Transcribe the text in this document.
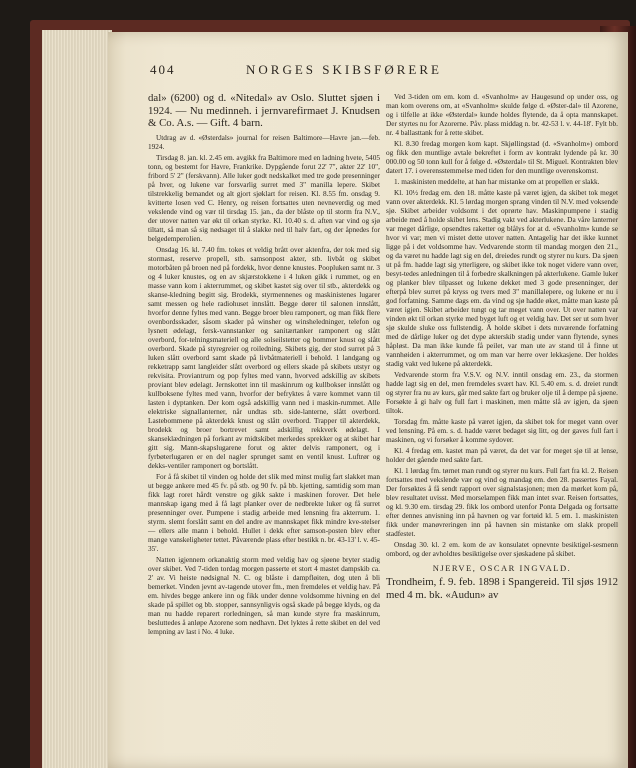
404	NORGES SKIBSFØRERE

dal» (6200) og d. «Nitedal» av Oslo. Sluttet sjøen i 1924. — Nu medinneh. i jernvarefirmaet J. Knudsen & Co. A.s. — Gift. 4 barn.

Utdrag av d. «Østerdals» journal for reisen Baltimore—Havre jan.—feb. 1924.

Tirsdag 8. jan. kl. 2.45 em. avgikk fra Baltimore med en ladning hvete, 5405 tonn, og bestemt for Havre, Frankrike. Dypgående forut 22' 7", akter 22' 10", fribord 5' 2" (ferskvann). Alle luker godt nedskalket med tre gode presenninger på hver, og lukene var forsvarlig surret med 3" manilla lepere. Skibet tilstrekkelig bemandet og alt gjort sjøklart for reisen. Kl. 8.55 fm. onsdag 9. kvitterte losen ved C. Henry, og reisen fortsattes uten nevneverdig og med vekslende vind og vær til tirsdag 15. jan., da der blåste op til storm fra N.V., der utover natten var økt til orkan styrke. Kl. 10.40 s. d. aften var vind og sjø tiltatt, så man så sig nødsaget til å slakke ned til halv fart, og der åpnedes for belgedemperolien.

Onsdag 16. kl. 7.40 fm. tokes et veldig brått over aktenfra, der tok med sig stormast, reserve propell, stb. samsonpost akter, stb. livbåt og skibet motorbåten på broen ned på fordekk, hvor denne knustes. Poopluken samt nr. 3 og 4 luker knustes, og en av skjærstokkene i 4 luken gikk i rummet, og en masse vann kom i akterrummet, og skibet kastet sig over til stb., akterdekk og skanse-kledning begitt sig. Brodekk, styrmennenes og maskinistenes lugarer samt messen og hele radiohuset innslått. Begge dører til salonen innslått, hvorfor denne fyltes med vann. Begge broer bleu ramponert, og man fikk flere ovenbordsskader, såsom skader på winsher og winsheledninger, telefon og lysnett ødelagt, fersk-vannstanker og sanitærtanker ramponert og slått overbord, for-telningsmateriell og alle solseilstetter og bommer knust og slått overbord. Skade på styregreier og roiledning. Skibets gig, der stod surret på 3 luken slått overbord samt skade på livbåtmateriell i behold. 1 landgang og rekketrapp samt langleider slått overbord og ellers skade på skibets utstyr og rekvisita. Proviantrum og pop fyltes med vann, hvorved adskillig av skibets proviant blev ødelagt. Jernskottet inn til maskinrum og kullbokser innslått og kullboksene fyltes med vann, hvorfor der befryktes å være kommet vann til lasten i dyptanken. Der kom også adskillig vann ned i maskin-rummet. Alle elektriske signallanterner, når undtas stb. side-lanterne, slått overbord. Lastebommene på akterdekk knust og slått overbord. Trapper til akterdekk, brodekk og broer bortrevet samt adskillig rekkverk ødelagt. I skanseklædningen på forkant av midtskibet merkedes sprekker og at skibet har gitt sig. Mann-skapslugarene forut og akter delvis ramponert, og i fyrbøterlugaren er en del nagler sprunget samt en ventil knust. Luftrør og dekks-ventiler ramponert og bortslått.

For å få skibet til vinden og holde det slik med minst mulig fart slakket man ut begge ankere med 45 fv. på stb. og 90 fv. på bb. kjetting, samtidig som man fikk lagt roret hårdt venstre og gikk sakte i maskinen forover. Det hele mannskap igang med å få lagt planker over de nedbrekte luker og få surret presenninger over. Pumpene i stadig arbeide med lensning fra akterrum. 1. styrm. slemt forslått samt en del andre av mannskapet fikk mindre kve-stelser — ellers alle mann i behold. Hullet i dekk efter samson-posten blev efter mange vanskeligheter tettet. Påværende plass efter bestikk n. br. 43-13' l. v. 45-35'.

Natten igjennem orkanaktig storm med veldig hav og sjøene bryter stadig over skibet. Ved 7-tiden tordag morgen passerte et stort 4 mastet dampskib ca. 2' av. Vi heiste nødsignal N. C. og blåste i dampfløiten, dog uten å bli bemerket. Vinden jevnt av-tagende utover fm., men fremdeles et veldig hav. På em. hivdes begge ankere inn og fikk under denne voldsomme hivning en del skade på spillet og bb. stopper, sannsynligvis også skade på begge klyds, og da man nu hadde reparert rorledningen, så man kunde styre fra maskinrum, besluttedes å anløpe Azorene som nødhavn. Det lyktes å rette skibet en del ved lempning av last i No. 4 luke.

Ved 3-tiden om em. kom d. «Svanholm» av Haugesund op under oss, og man kom overens om, at «Svanholm» skulde følge d. «Øster-dal» til Azorene, og i tilfelle at ikke «Østerdal» kunde holdes flytende, da å opta mannskapet. Der styrtes nu for Azorerne. Påv. plass middag n. br. 42-53 l. v. 44-18'. Fylt bb. nr. 4 ballasttank for å rette skibet.

Kl. 8.30 fredag morgen kom kapt. Skjøllingstad (d. «Svanholm») ombord og fikk den muntlige avtale bekreftet i form av kontrakt lydende på kr. 30 000.00 og 50 tonn kull for å følge d. «Østerdal» til St. Miguel. Kontrakten blev datert 17. i overensstemmelse med tiden for den muntlige overenskomst.

1. maskinisten meddelte, at han har mistanke om at propellen er slakk.

Kl. 10½ fredag em. den 18. måtte kaste på været igjen, da skibet tok meget vann over akterdekk. Kl. 5 lørdag morgen sprang vinden til N.V. med voksende sjø. Skibet arbeider voldsomt i det oprørte hav. Maskinpumpene i stadig arbeide med å holde skibet lens. Stadig vakt ved akterlukene. Da våre lanterner var meget dårlige, opsendtes raketter og blålys for at d. «Svanholm» kunde se hvor vi var; men vi mistet dette utover natten. Antagelig har det ikke kunnet ligge på i det voldsomme hav. Vedvarende storm til mandag morgen den 21., og da været nu hadde lagt sig en del, dreiedes rundt og styrer nu kurs. Da sjøen ut på fm. hadde lagt sig ytterligere, og skibet ikke tok noget videre vann over, besyt-tedes anledningen til å forbedre skalkningen på akterlukene. Gamle luker og planker blev tilpasset og lukene dekket med 3 gode presenninger, der efterpå blev surret på kryss og tvers med 3" manillalepere, og lukene er nu i god forfatning. Samme dags em. da vind og sjø hadde øket, måtte man kaste på været igjen. Skibet arbeider tungt og tar meget vann over. Ut over natten var vinden økt til orkan styrke med byget luft og et veldig hav. Det ser ut som hver sjø skulde sluke oss fullstendig. Å holde skibet i dets nuværende forfatning med de dårlige luker og det dype akterskib stadig under vann flytende, synes håpløst. Da man ikke kunde få peilet, var man ute av stand til å finne ut vannhøiden i akterrummet, og om man var herre over lekkasjene. Der holdes stadig vakt ved lukene på akterdekk.

Vedvarende storm fra V.S.V. og N.V. inntil onsdag em. 23., da stormen hadde lagt sig en del, men fremdeles svært hav. Kl. 5.40 em. s. d. dreiet rundt og styrer fra nu av kurs, går med sakte fart og bruker olje til å dempe på sjøene. Forsøkte å gi halv og full fart i maskinen, men måtte slå av igjen, da sjøen tiltok.

Torsdag fm. måtte kaste på været igjen, da skibet tok for meget vann over ved lensning. På em. s. d. hadde været bedaget sig litt, og der gaves full fart i maskinen, og vi forsøker å komme sydover.

Kl. 4 fredag em. kastet man på været, da det var for meget sjø til at lense, holder det gående med sakte fart.

Kl. 1 lørdag fm. tørnet man rundt og styrer nu kurs. Full fart fra kl. 2. Reisen fortsattes med vekslende vær og vind og mandag em. den 28. passertes Fayal. Der forsøktes å få sendt rapport over signalstasjonen; men da mørket kom på, blev resultatet uvisst. Med morselampen fikk man intet svar. Reisen fortsattes, og kl. 9.30 em. tirsdag 29. fikk los ombord utenfor Ponta Delgada og fortsatte efter dennes anvisning inn på havnen og var fortøid kl. 5 em. 1. maskinisten fikk under manøvreringen inn på havnen sin mistanke om slakk propell stadfestet.

Onsdag 30. kl. 2 em. kom de av konsulatet opnevnte besiktigel-sesmenn ombord, og der avholdtes besiktigelse over sjøskadene på skibet.

NJERVE, OSCAR INGVALD.

Trondheim, f. 9. feb. 1898 i Spangereid. Til sjøs 1912 med 4 m. bk. «Audun» av
